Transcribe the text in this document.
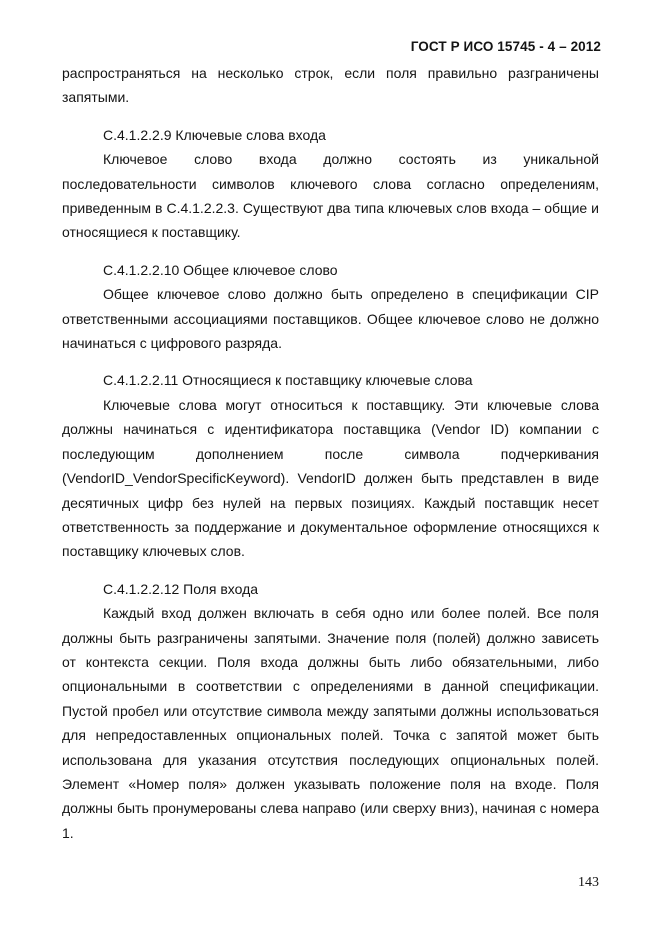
ГОСТ Р ИСО 15745 - 4 – 2012

распространяться на несколько строк, если поля правильно разграничены запятыми.

C.4.1.2.2.9 Ключевые слова входа

Ключевое слово входа должно состоять из уникальной последовательности символов ключевого слова согласно определениям, приведенным в C.4.1.2.2.3. Существуют два типа ключевых слов входа – общие и относящиеся к поставщику.

C.4.1.2.2.10 Общее ключевое слово

Общее ключевое слово должно быть определено в спецификации CIP ответственными ассоциациями поставщиков. Общее ключевое слово не должно начинаться с цифрового разряда.

C.4.1.2.2.11 Относящиеся к поставщику ключевые слова

Ключевые слова могут относиться к поставщику. Эти ключевые слова должны начинаться с идентификатора поставщика (Vendor ID) компании с последующим дополнением после символа подчеркивания (VendorID_VendorSpecificKeyword). VendorID должен быть представлен в виде десятичных цифр без нулей на первых позициях. Каждый поставщик несет ответственность за поддержание и документальное оформление относящихся к поставщику ключевых слов.

C.4.1.2.2.12 Поля входа

Каждый вход должен включать в себя одно или более полей. Все поля должны быть разграничены запятыми. Значение поля (полей) должно зависеть от контекста секции. Поля входа должны быть либо обязательными, либо опциональными в соответствии с определениями в данной спецификации. Пустой пробел или отсутствие символа между запятыми должны использоваться для непредоставленных опциональных полей. Точка с запятой может быть использована для указания отсутствия последующих опциональных полей. Элемент «Номер поля» должен указывать положение поля на входе. Поля должны быть пронумерованы слева направо (или сверху вниз), начиная с номера 1.

143
